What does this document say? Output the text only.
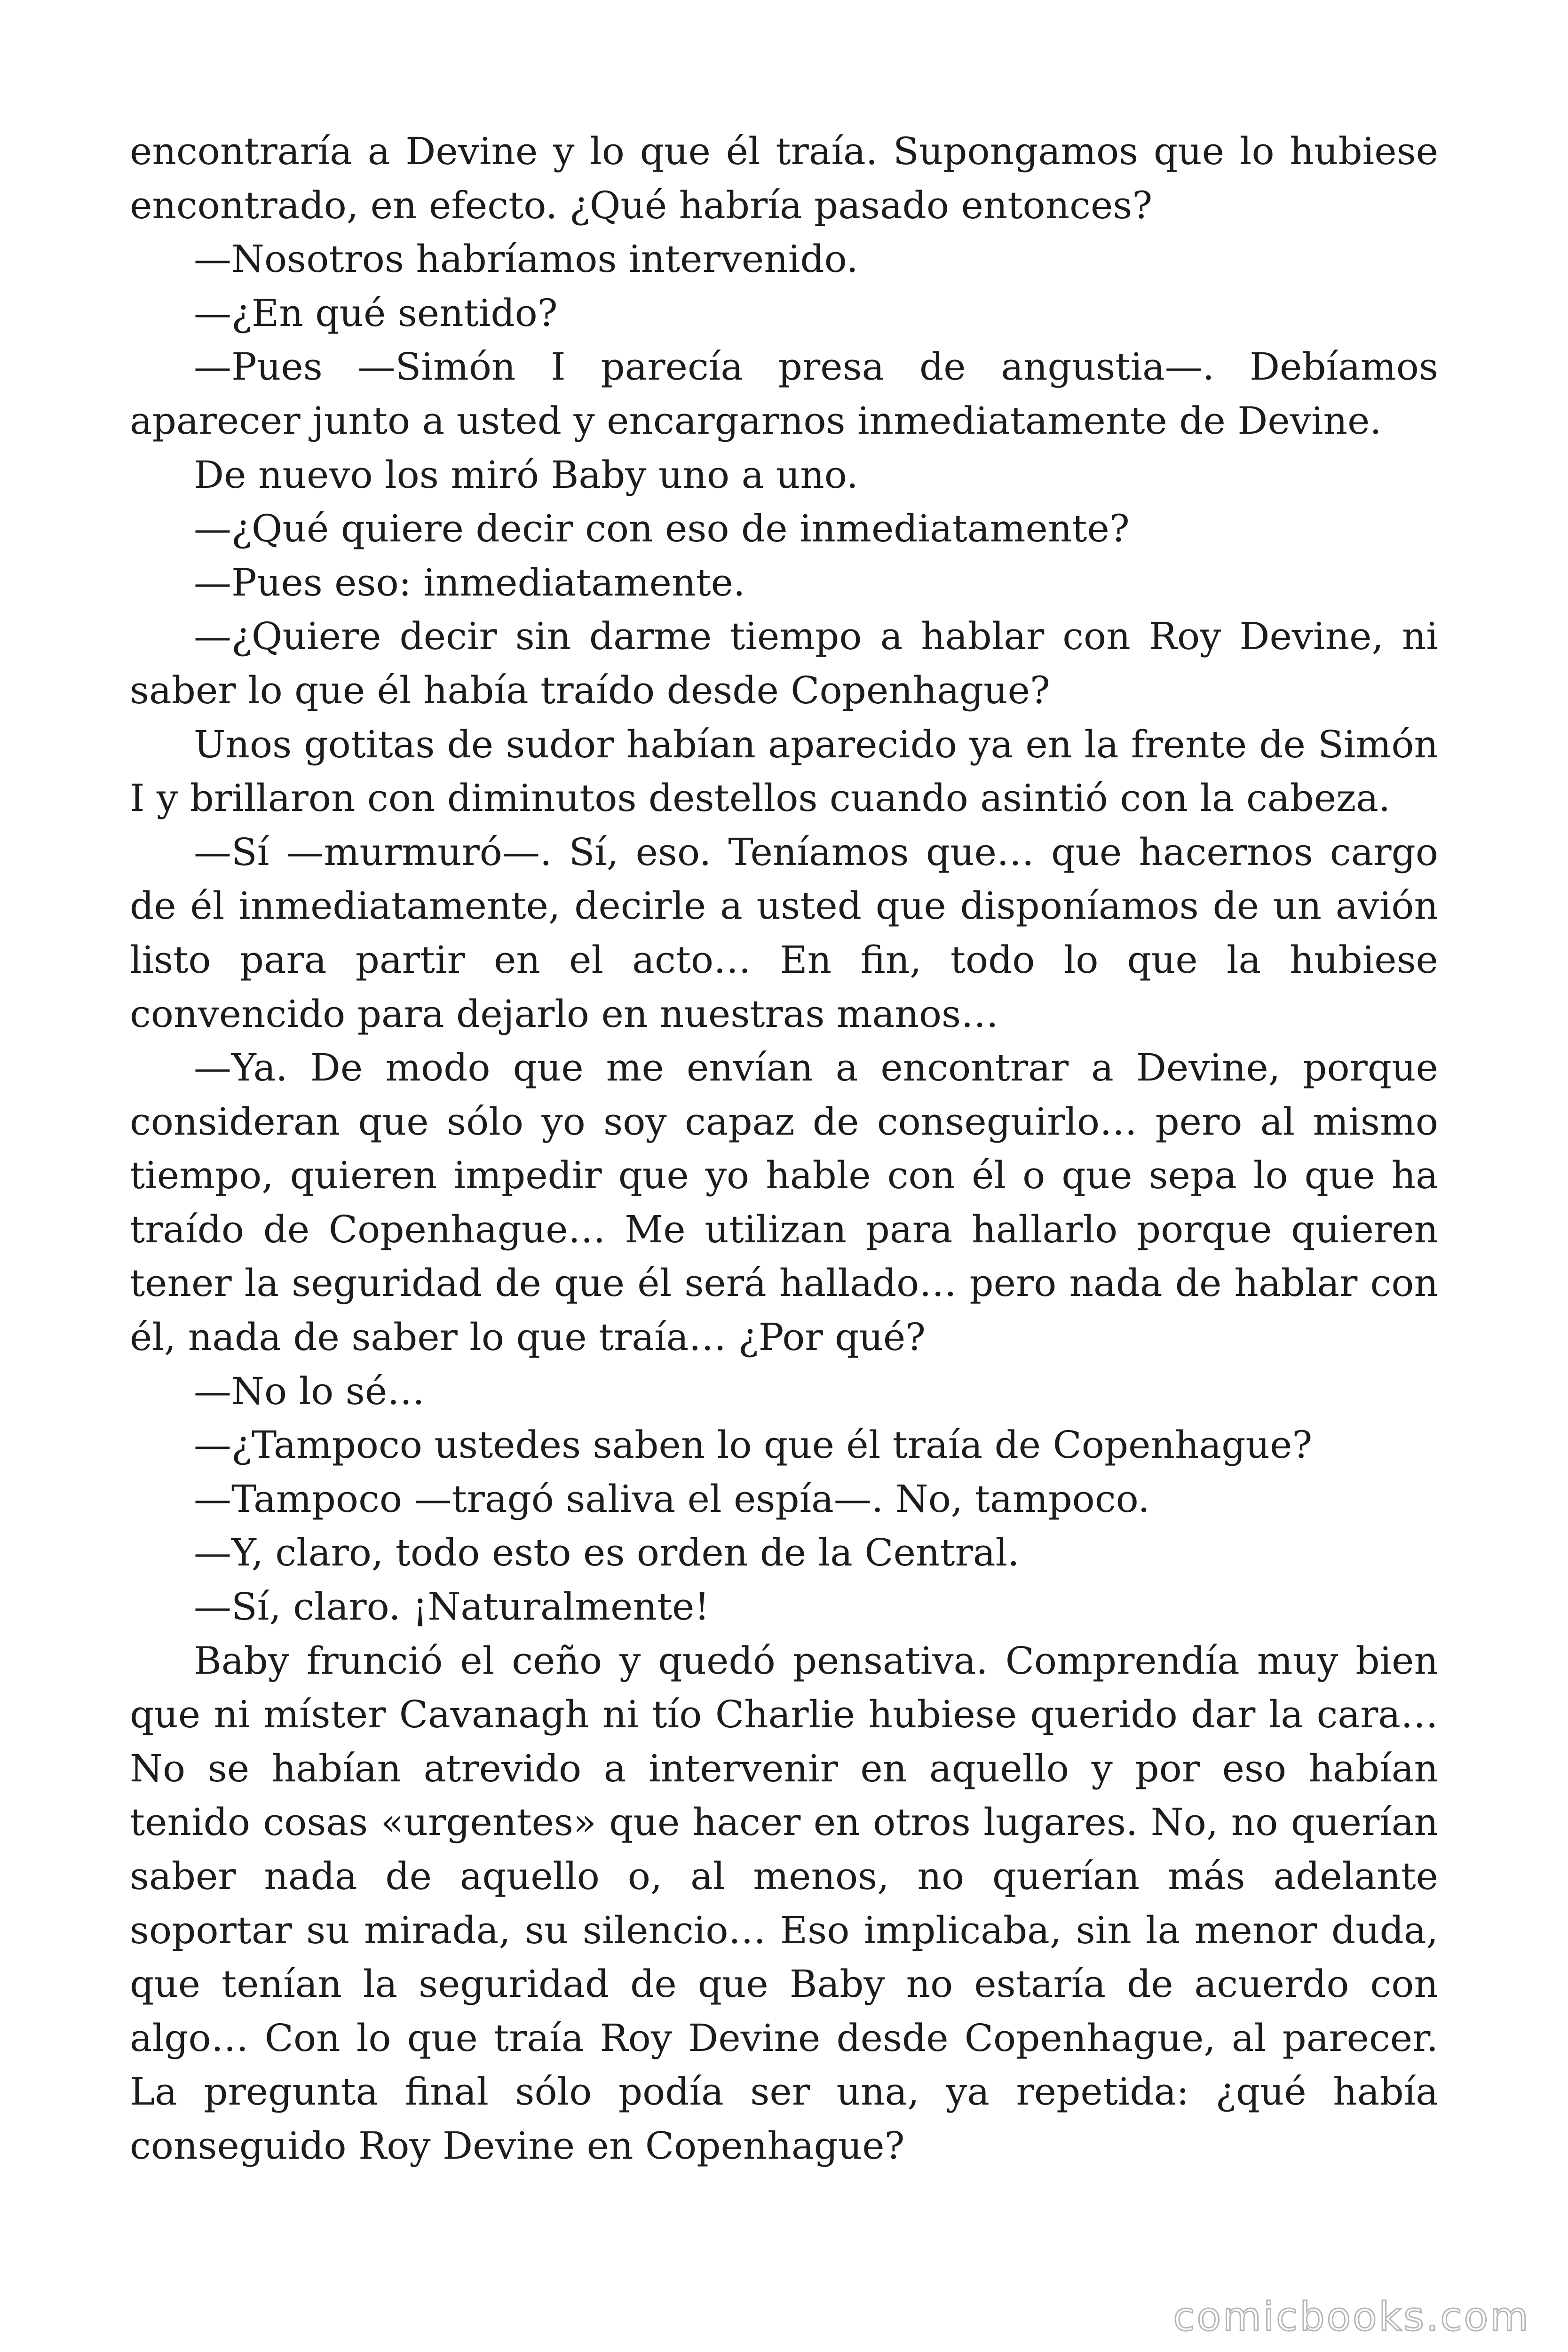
encontraría a Devine y lo que él traía. Supongamos que lo hubiese encontrado, en efecto. ¿Qué habría pasado entonces?

—Nosotros habríamos intervenido.

—¿En qué sentido?

—Pues —Simón I parecía presa de angustia—. Debíamos aparecer junto a usted y encargarnos inmediatamente de Devine.

De nuevo los miró Baby uno a uno.

—¿Qué quiere decir con eso de inmediatamente?

—Pues eso: inmediatamente.

—¿Quiere decir sin darme tiempo a hablar con Roy Devine, ni saber lo que él había traído desde Copenhague?

Unos gotitas de sudor habían aparecido ya en la frente de Simón I y brillaron con diminutos destellos cuando asintió con la cabeza.

—Sí —murmuró—. Sí, eso. Teníamos que… que hacernos cargo de él inmediatamente, decirle a usted que disponíamos de un avión listo para partir en el acto… En fin, todo lo que la hubiese convencido para dejarlo en nuestras manos…

—Ya. De modo que me envían a encontrar a Devine, porque consideran que sólo yo soy capaz de conseguirlo… pero al mismo tiempo, quieren impedir que yo hable con él o que sepa lo que ha traído de Copenhague… Me utilizan para hallarlo porque quieren tener la seguridad de que él será hallado… pero nada de hablar con él, nada de saber lo que traía… ¿Por qué?

—No lo sé…

—¿Tampoco ustedes saben lo que él traía de Copenhague?

—Tampoco —tragó saliva el espía—. No, tampoco.

—Y, claro, todo esto es orden de la Central.

—Sí, claro. ¡Naturalmente!

Baby frunció el ceño y quedó pensativa. Comprendía muy bien que ni míster Cavanagh ni tío Charlie hubiese querido dar la cara… No se habían atrevido a intervenir en aquello y por eso habían tenido cosas «urgentes» que hacer en otros lugares. No, no querían saber nada de aquello o, al menos, no querían más adelante soportar su mirada, su silencio… Eso implicaba, sin la menor duda, que tenían la seguridad de que Baby no estaría de acuerdo con algo… Con lo que traía Roy Devine desde Copenhague, al parecer. La pregunta final sólo podía ser una, ya repetida: ¿qué había conseguido Roy Devine en Copenhague?

comicbooks.com
